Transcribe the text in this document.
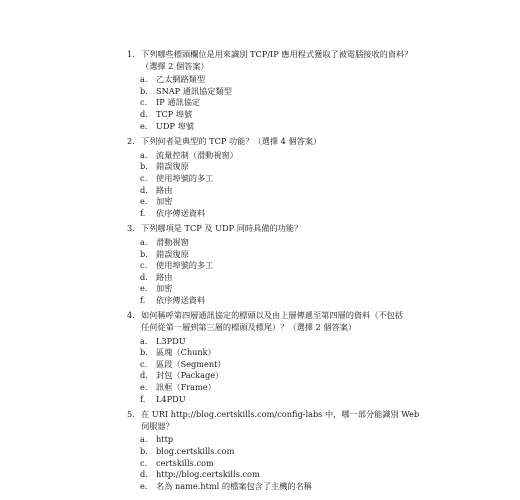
1. 下列哪些標頭欄位是用來識別 TCP/IP 應用程式獲取了被電腦接收的資料？
（選擇 2 個答案）
a.	乙太網路類型
b. SNAP 通訊協定類型
c.	IP 通訊協定
d. TCP 埠號
e.	UDP 埠號
2. 下列何者是典型的 TCP 功能？（選擇 4 個答案）
a.	流量控制（滑動視窗）
b. 錯誤復原
c.	使用埠號的多工
d. 路由
e.	加密
f.	依序傳送資料
3. 下列哪項是 TCP 及 UDP 同時具備的功能？
a.	滑動視窗
b. 錯誤復原
c.	使用埠號的多工
d. 路由
e.	加密
f.	依序傳送資料
4. 如何稱呼第四層通訊協定的標頭以及由上層傳遞至第四層的資料（不包括
任何從第一層到第三層的標頭及標尾）？（選擇 2 個答案）
a.	L3PDU
b. 區塊（Chunk）
c.	區段（Segment）
d. 封包（Package）
e.	訊框（Frame）
f.	L4PDU
5. 在 URI http://blog.certskills.com/config-labs 中，哪一部分能識別 Web 伺服器？
a.	http
b. blog.certskills.com
c.	certskills.com
d. http://blog.certskills.com
e.	名為 name.html 的檔案包含了主機的名稱
